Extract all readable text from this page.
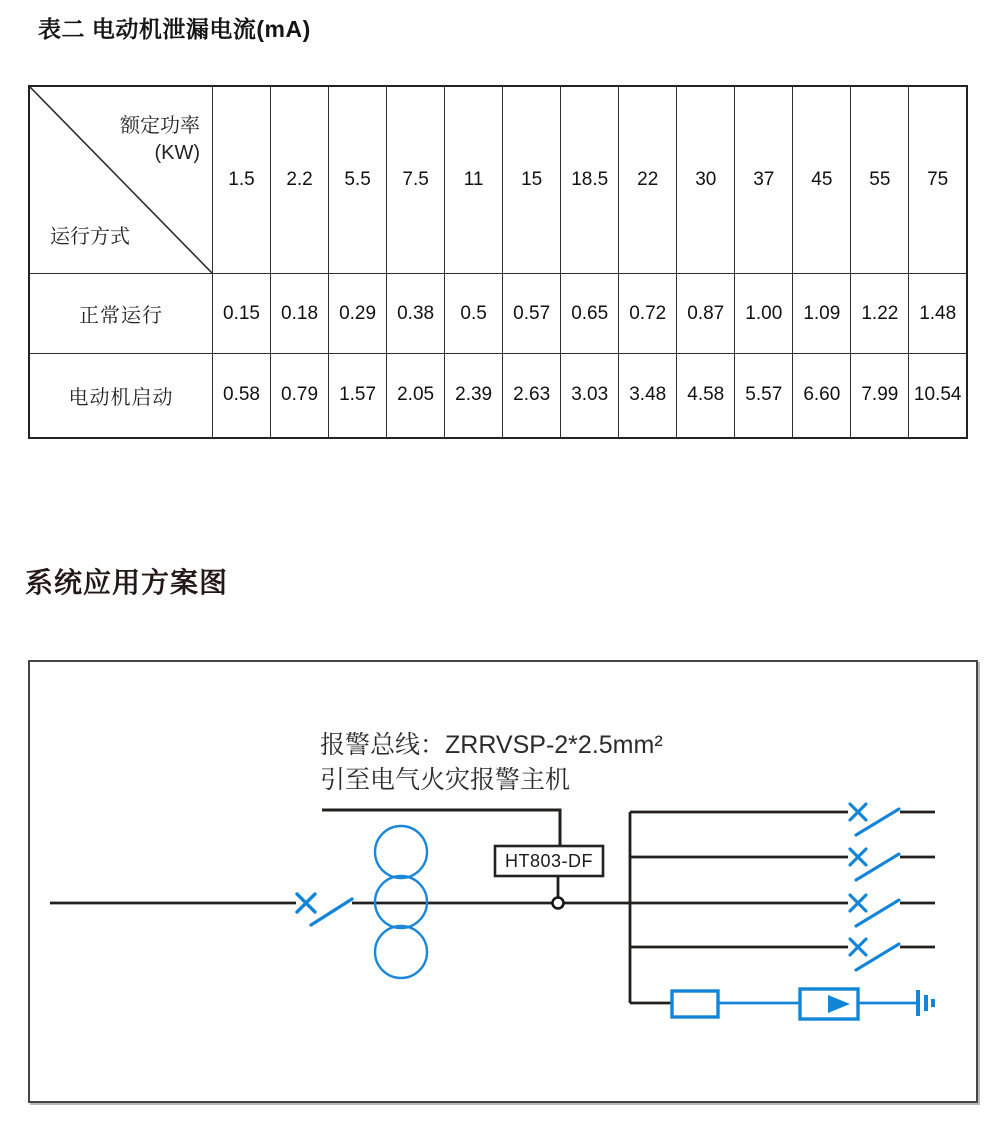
表二 电动机泄漏电流(mA)
额定功率
(KW)
运行方式	1.5	2.2	5.5	7.5	11	15	18.5	22	30	37	45	55	75
正常运行	0.15	0.18	0.29	0.38	0.5	0.57	0.65	0.72	0.87	1.00	1.09	1.22	1.48
电动机启动	0.58	0.79	1.57	2.05	2.39	2.63	3.03	3.48	4.58	5.57	6.60	7.99	10.54
系统应用方案图
报警总线：ZRRVSP-2*2.5mm²
引至电气火灾报警主机
HT803-DF
